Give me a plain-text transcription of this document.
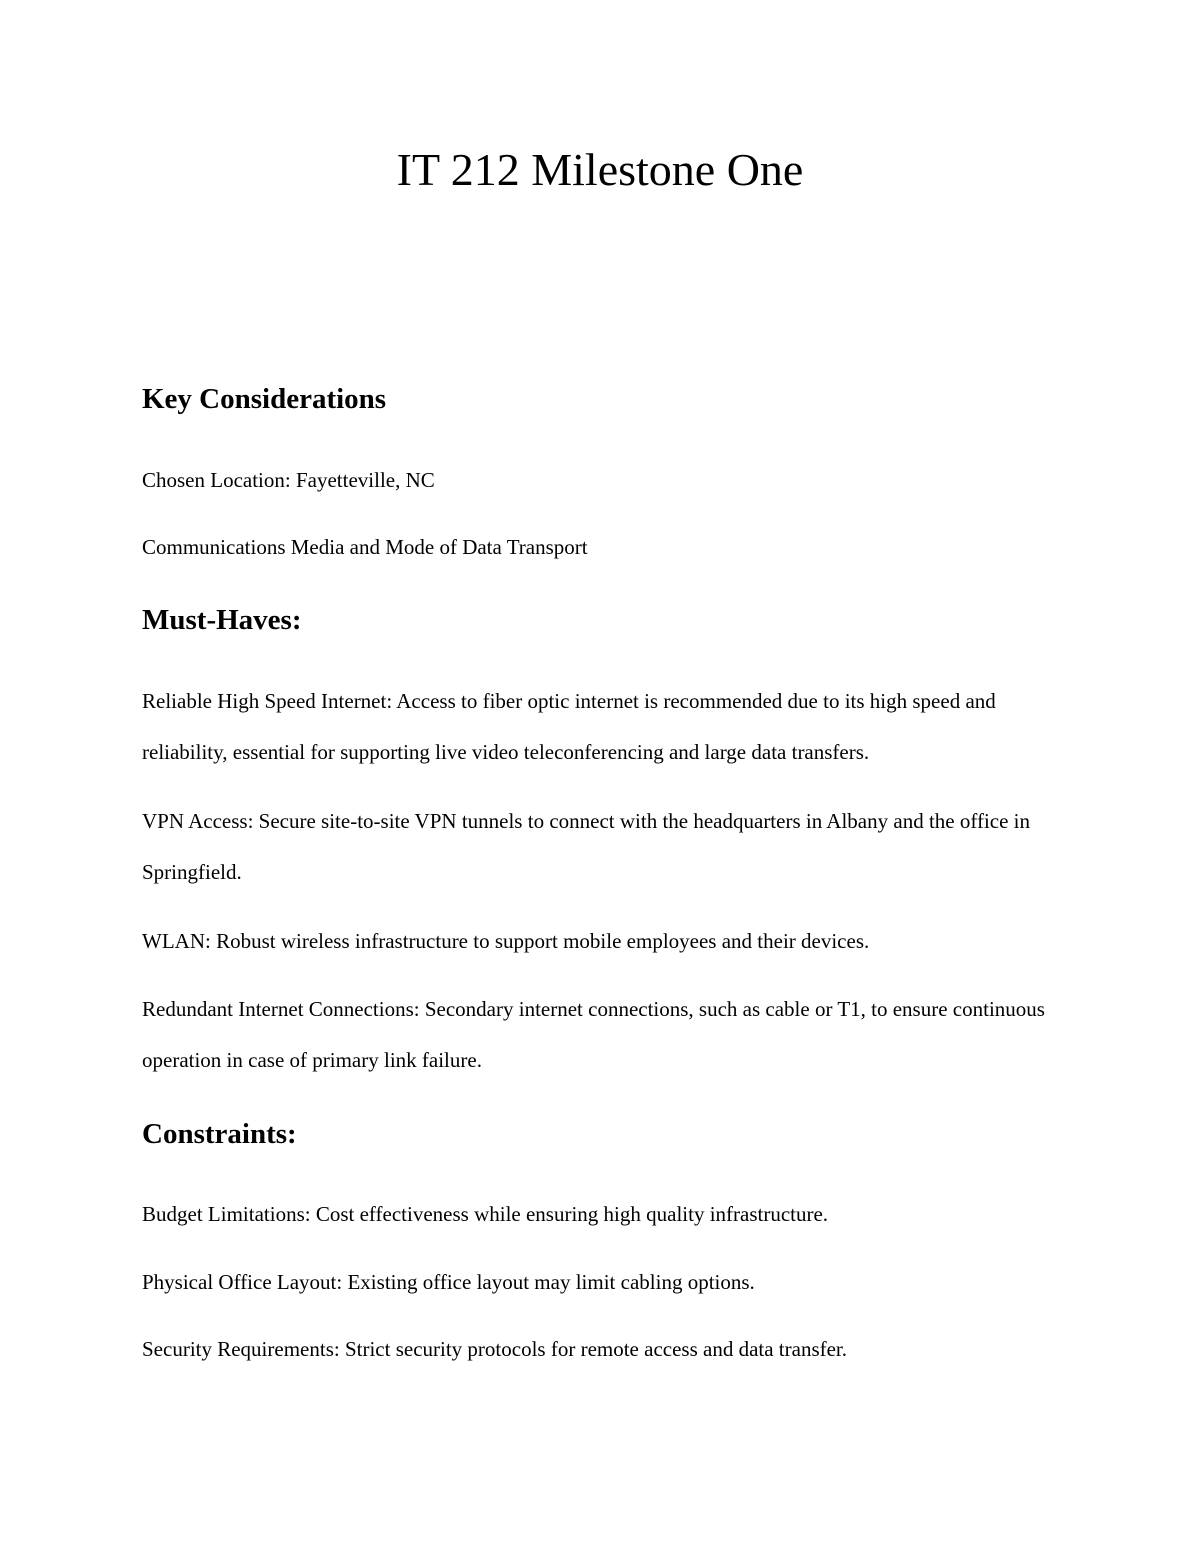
IT 212 Milestone One
Key Considerations

Chosen Location: Fayetteville, NC

Communications Media and Mode of Data Transport

Must-Haves:

Reliable High Speed Internet: Access to fiber optic internet is recommended due to its high speed and reliability, essential for supporting live video teleconferencing and large data transfers.

VPN Access: Secure site-to-site VPN tunnels to connect with the headquarters in Albany and the office in Springfield.

WLAN: Robust wireless infrastructure to support mobile employees and their devices.

Redundant Internet Connections: Secondary internet connections, such as cable or T1, to ensure continuous operation in case of primary link failure.

Constraints:

Budget Limitations: Cost effectiveness while ensuring high quality infrastructure.

Physical Office Layout: Existing office layout may limit cabling options.

Security Requirements: Strict security protocols for remote access and data transfer.
